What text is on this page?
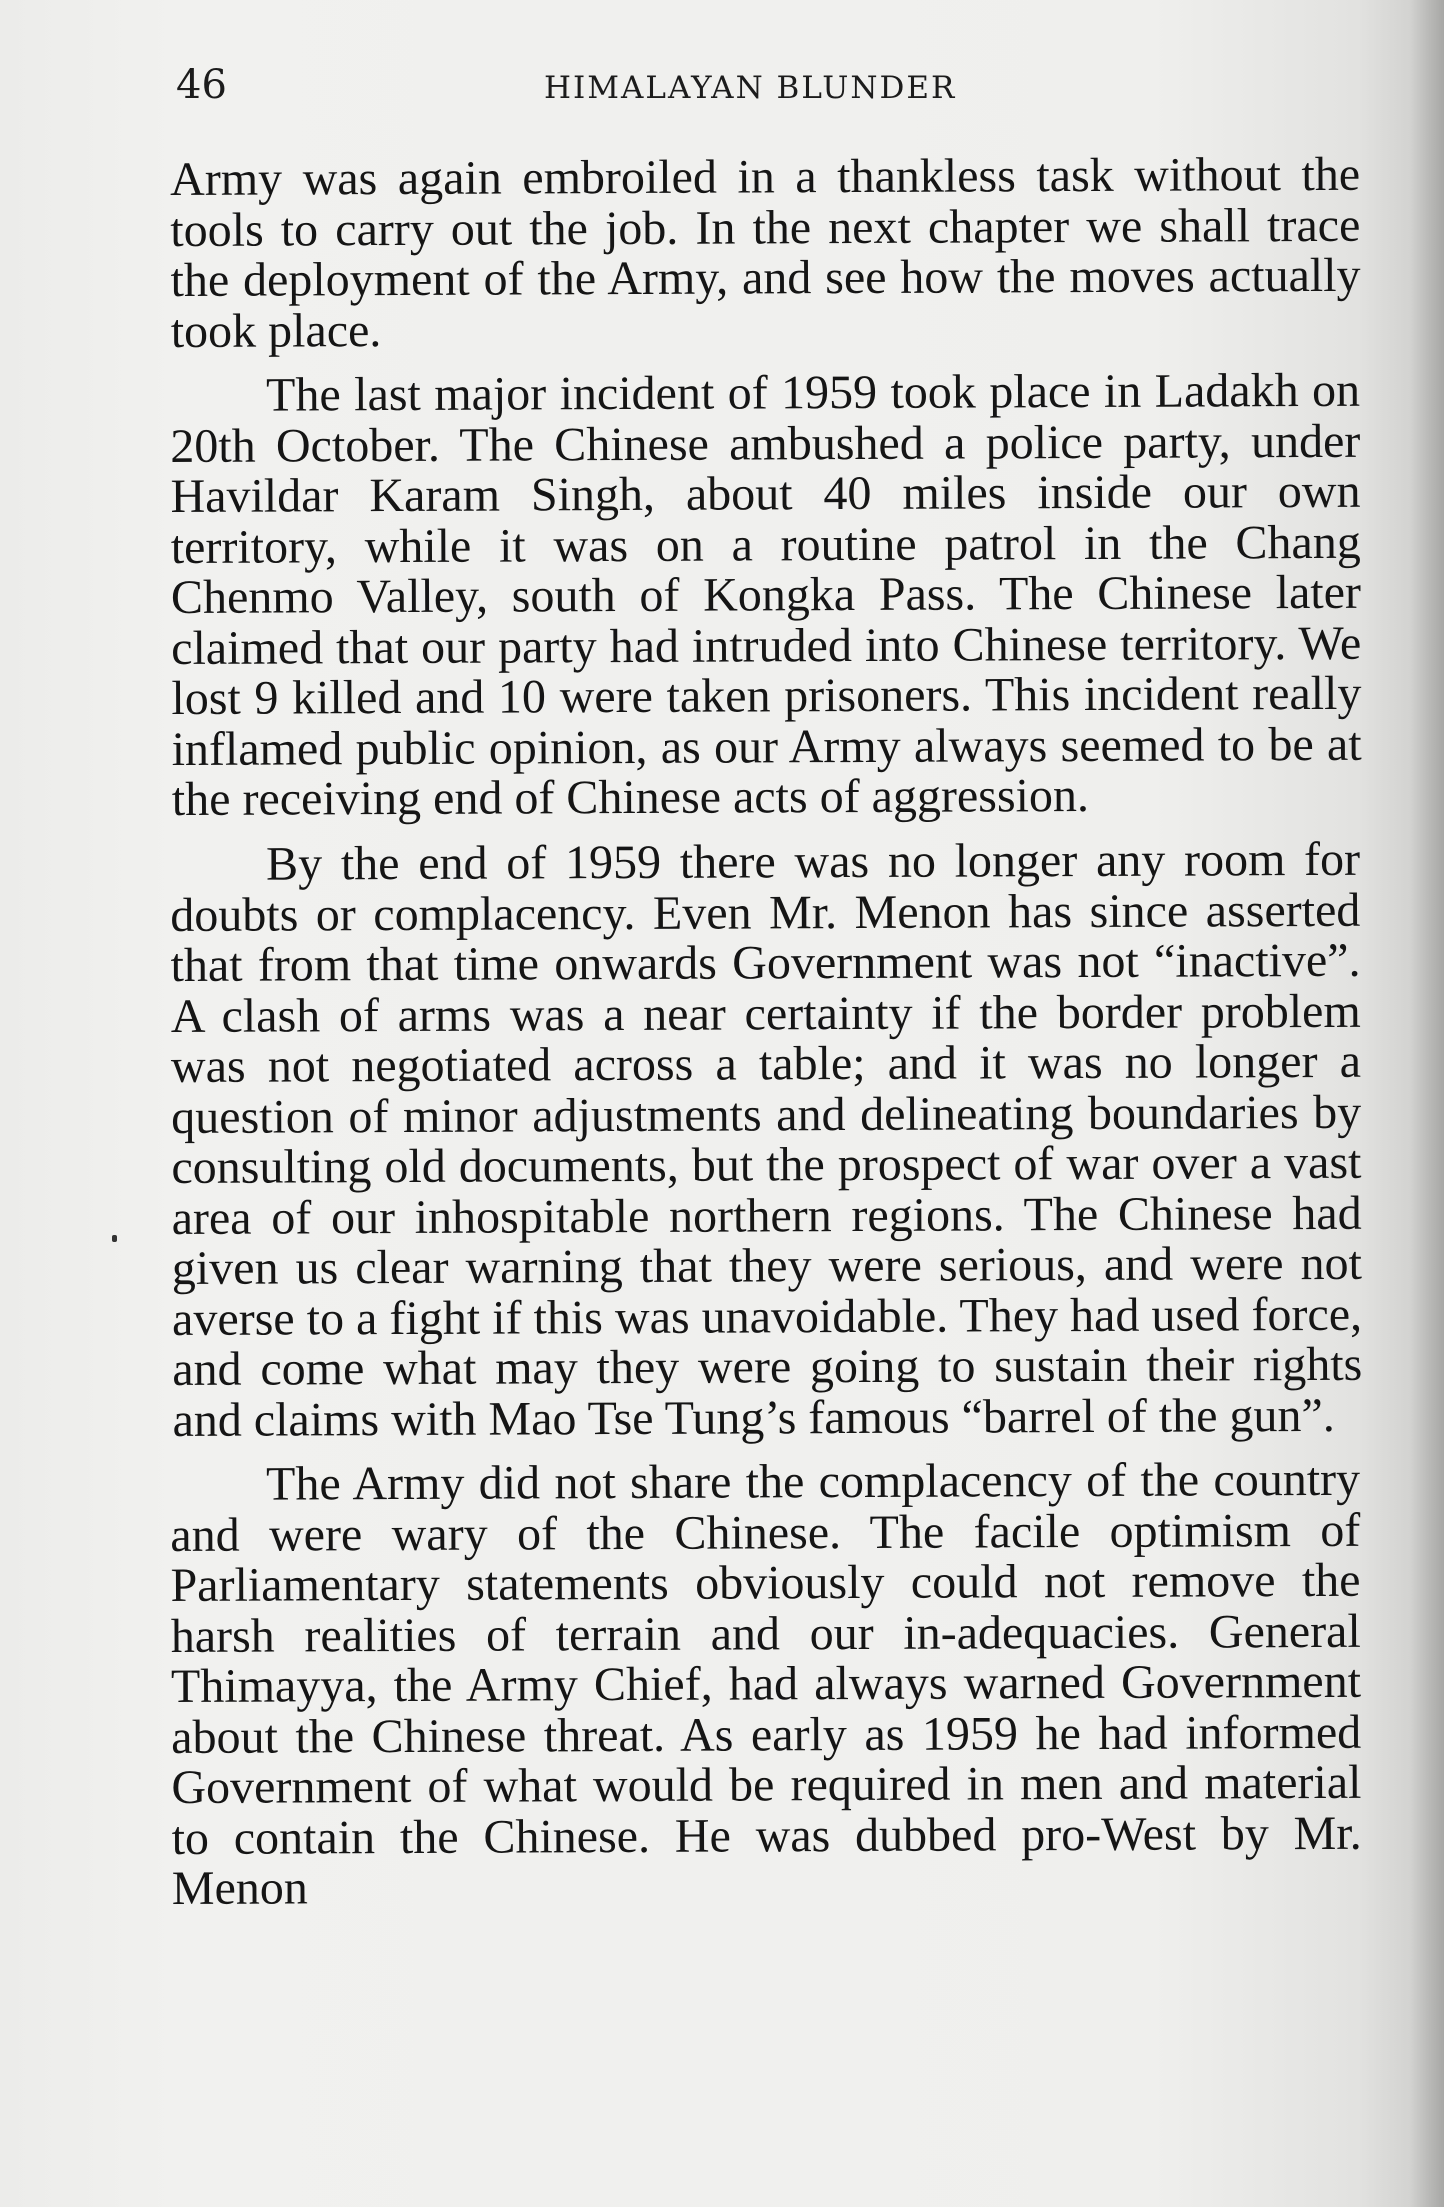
46	HIMALAYAN BLUNDER

Army was again embroiled in a thankless task without the tools to carry out the job. In the next chapter we shall trace the deployment of the Army, and see how the moves actually took place.

The last major incident of 1959 took place in Ladakh on 20th October. The Chinese ambushed a police party, under Havildar Karam Singh, about 40 miles inside our own territory, while it was on a routine patrol in the Chang Chenmo Valley, south of Kongka Pass. The Chinese later claimed that our party had intruded into Chinese territory. We lost 9 killed and 10 were taken prisoners. This incident really inflamed public opinion, as our Army always seemed to be at the receiving end of Chinese acts of aggression.

By the end of 1959 there was no longer any room for doubts or complacency. Even Mr. Menon has since asserted that from that time onwards Government was not “inactive”. A clash of arms was a near certainty if the border problem was not negotiated across a table; and it was no longer a question of minor adjustments and delineating boundaries by consulting old documents, but the prospect of war over a vast area of our inhospitable northern regions. The Chinese had given us clear warning that they were serious, and were not averse to a fight if this was unavoidable. They had used force, and come what may they were going to sustain their rights and claims with Mao Tse Tung’s famous “barrel of the gun”.

The Army did not share the complacency of the country and were wary of the Chinese. The facile optimism of Parliamentary statements obviously could not remove the harsh realities of terrain and our in-adequacies. General Thimayya, the Army Chief, had always warned Government about the Chinese threat. As early as 1959 he had informed Government of what would be required in men and material to contain the Chinese. He was dubbed pro-West by Mr. Menon
